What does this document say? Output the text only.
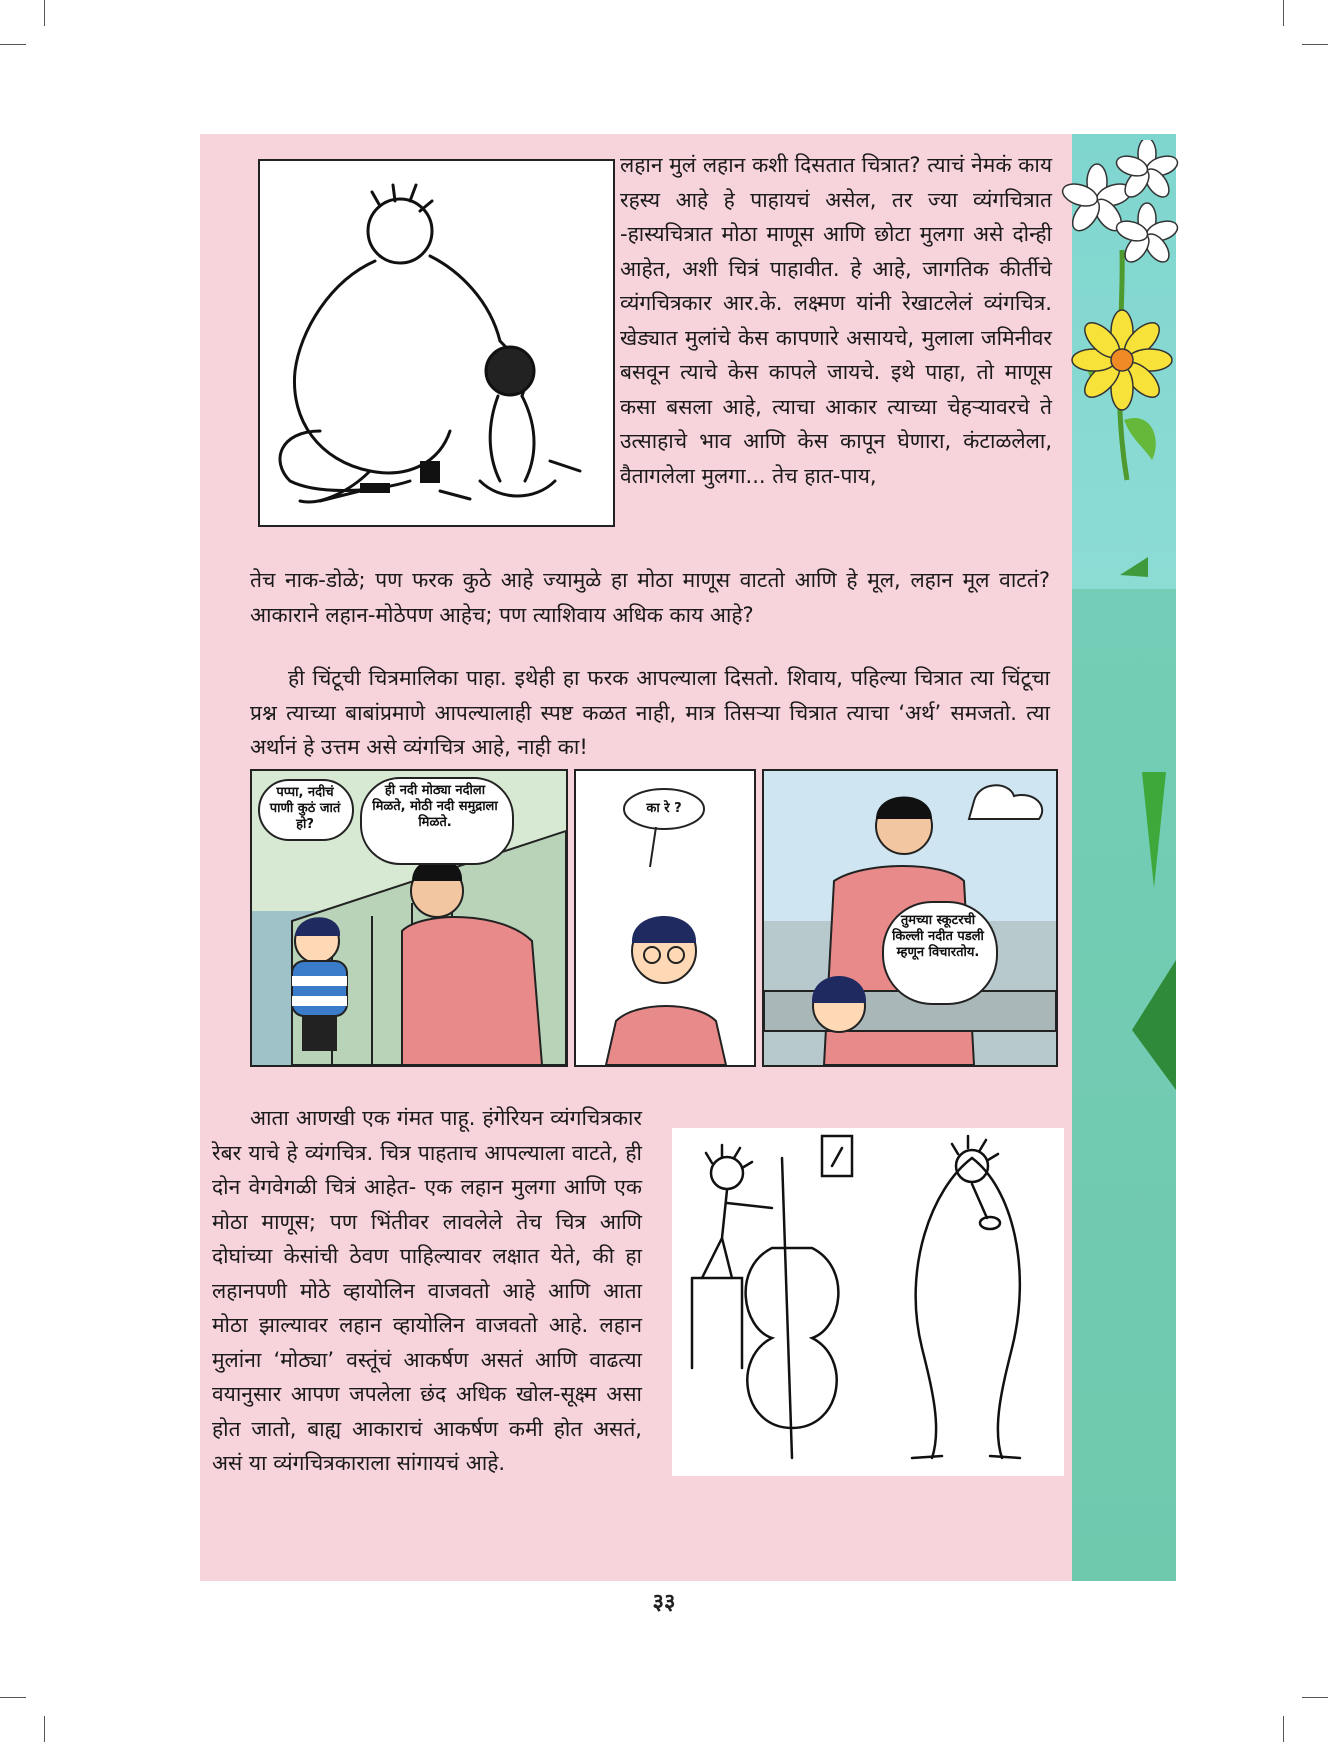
लहान मुलं लहान कशी दिसतात चित्रात? त्याचं नेमकं काय रहस्य आहे हे पाहायचं असेल, तर ज्या व्यंगचित्रात -हास्यचित्रात मोठा माणूस आणि छोटा मुलगा असे दोन्ही आहेत, अशी चित्रं पाहावीत. हे आहे, जागतिक कीर्तीचे व्यंगचित्रकार आर.के. लक्ष्मण यांनी रेखाटलेलं व्यंगचित्र. खेड्यात मुलांचे केस कापणारे असायचे, मुलाला जमिनीवर बसवून त्याचे केस कापले जायचे. इथे पाहा, तो माणूस कसा बसला आहे, त्याचा आकार त्याच्या चेहऱ्यावरचे ते उत्साहाचे भाव आणि केस कापून घेणारा, कंटाळलेला, वैतागलेला मुलगा... तेच हात-पाय,

तेच नाक-डोळे; पण फरक कुठे आहे ज्यामुळे हा मोठा माणूस वाटतो आणि हे मूल, लहान मूल वाटतं? आकाराने लहान-मोठेपण आहेच; पण त्याशिवाय अधिक काय आहे?

ही चिंटूची चित्रमालिका पाहा. इथेही हा फरक आपल्याला दिसतो. शिवाय, पहिल्या चित्रात त्या चिंटूचा प्रश्न त्याच्या बाबांप्रमाणे आपल्यालाही स्पष्ट कळत नाही, मात्र तिसऱ्या चित्रात त्याचा ‘अर्थ’ समजतो. त्या अर्थानं हे उत्तम असे व्यंगचित्र आहे, नाही का!

पप्पा, नदीचं पाणी कुठं जातं हो?
ही नदी मोठ्या नदीला मिळते, मोठी नदी समुद्राला मिळते.
का रे ?
तुमच्या स्कूटरची किल्ली नदीत पडली म्हणून विचारतोय.

आता आणखी एक गंमत पाहू. हंगेरियन व्यंगचित्रकार रेबर याचे हे व्यंगचित्र. चित्र पाहताच आपल्याला वाटते, ही दोन वेगवेगळी चित्रं आहेत- एक लहान मुलगा आणि एक मोठा माणूस; पण भिंतीवर लावलेले तेच चित्र आणि दोघांच्या केसांची ठेवण पाहिल्यावर लक्षात येते, की हा लहानपणी मोठे व्हायोलिन वाजवतो आहे आणि आता मोठा झाल्यावर लहान व्हायोलिन वाजवतो आहे. लहान मुलांना ‘मोठ्या’ वस्तूंचं आकर्षण असतं आणि वाढत्या वयानुसार आपण जपलेला छंद अधिक खोल-सूक्ष्म असा होत जातो, बाह्य आकाराचं आकर्षण कमी होत असतं, असं या व्यंगचित्रकाराला सांगायचं आहे.

३३
